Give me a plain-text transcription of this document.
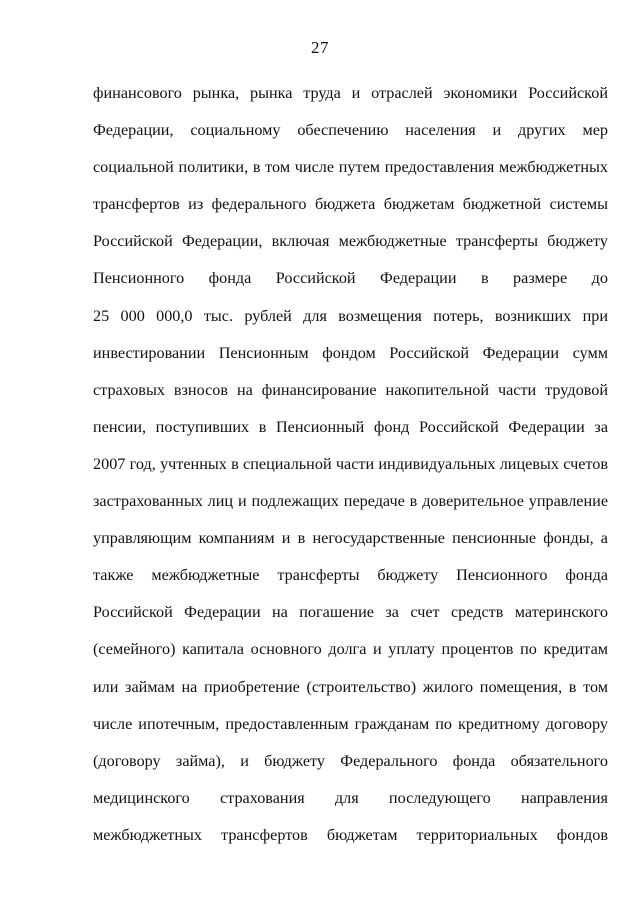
27
финансового рынка, рынка труда и отраслей экономики Российской
Федерации, социальному обеспечению населения и других мер
социальной политики, в том числе путем предоставления межбюджетных
трансфертов из федерального бюджета бюджетам бюджетной системы
Российской Федерации, включая межбюджетные трансферты бюджету
Пенсионного фонда Российской Федерации в размере до
25 000 000,0 тыс. рублей для возмещения потерь, возникших при
инвестировании Пенсионным фондом Российской Федерации сумм
страховых взносов на финансирование накопительной части трудовой
пенсии, поступивших в Пенсионный фонд Российской Федерации за
2007 год, учтенных в специальной части индивидуальных лицевых счетов
застрахованных лиц и подлежащих передаче в доверительное управление
управляющим компаниям и в негосударственные пенсионные фонды, а
также межбюджетные трансферты бюджету Пенсионного фонда
Российской Федерации на погашение за счет средств материнского
(семейного) капитала основного долга и уплату процентов по кредитам
или займам на приобретение (строительство) жилого помещения, в том
числе ипотечным, предоставленным гражданам по кредитному договору
(договору займа), и бюджету Федерального фонда обязательного
медицинского страхования для последующего направления
межбюджетных трансфертов бюджетам территориальных фондов
